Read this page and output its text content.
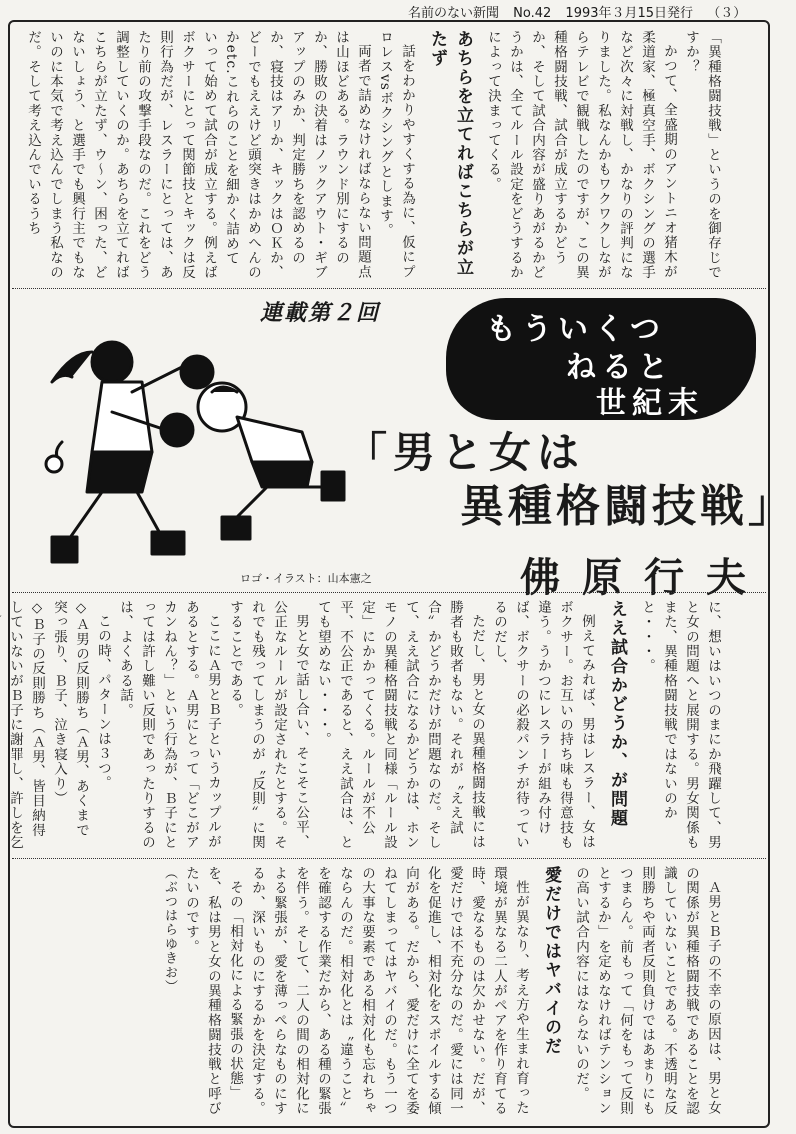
名前のない新聞 No.42 1993年３月15日発行 （３）

「異種格闘技戦」というのを御存じですか？

かつて、全盛期のアントニオ猪木が柔道家、極真空手、ボクシングの選手など次々に対戦し、かなりの評判になりました。私なんかもワクワクしながらテレビで観戦したのですが、この異種格闘技戦、試合が成立するかどうか、そして試合内容が盛りあがるかどうかは、全てルール設定をどうするかによって決まってくる。

あちらを立てればこちらが立たず

話をわかりやすくする為に、仮にプロレスvsボクシングとします。

両者で詰めなければならない問題点は山ほどある。ラウンド別にするのか、勝敗の決着はノックアウト・ギブアップのみか、判定勝ちを認めるのか、寝技はアリか、キックはＯＫか、どーでもええけど頭突きはかめへんのかetc.これらのことを細かく詰めていって始めて試合が成立する。例えばボクサーにとって関節技とキックは反則行為だが、レスラーにとっては、あたり前の攻撃手段なのだ。これをどう調整していくのか。あちらを立てればこちらが立たず、ウ〜ン、困った、どないしょう、と選手でも興行主でもないのに本気で考え込んでしまう私なのだ。そして考え込んでいるうち

連載第２回	もういくつ
ねると
世紀末
「男と女は
異種格闘技戦」
佛原行夫
ロゴ・イラスト：山本憲之

に、想いはいつのまにか飛躍して、男と女の問題へと展開する。男女関係もまた、異種格闘技戦ではないのかと・・・。

ええ試合かどうか、が問題

例えてみれば、男はレスラー、女はボクサー。お互いの持ち味も得意技も違う。うかつにレスラーが組み付けば、ボクサーの必殺パンチが待っているのだし、

ただし、男と女の異種格闘技戦には勝者も敗者もない。それが〝ええ試合〟かどうかだけが問題なのだ。そして、ええ試合になるかどうかは、ホンモノの異種格闘技戦と同様「ルール設定」にかかってくる。ルールが不公平、不公正であると、ええ試合は、とても望めない・・・。

男と女で話し合い、そこそこ公平、公正なルールが設定されたとする。それでも残ってしまうのが〝反則〟に関することである。

ここにＡ男とＢ子というカップルがあるとする。Ａ男にとって「どこがアカンねん？」という行為が、Ｂ子にとっては許し難い反則であったりするのは、よくある話。

この時、パターンは３つ。

◇Ａ男の反則勝ち（Ａ男、あくまで突っ張り、Ｂ子、泣き寝入り）

◇Ｂ子の反則勝ち（Ａ男、皆目納得していないがＢ子に謝罪し、許しを乞

Ａ男とＢ子の不幸の原因は、男と女の関係が異種格闘技戦であることを認識していないことである。不透明な反則勝ちや両者反則負けではあまりにもつまらん。前もって「何をもって反則とするか」を定めなければテンションの高い試合内容にはならないのだ。

愛だけではヤバイのだ

性が異なり、考え方や生まれ育った環境が異なる二人がペアを作り育てる時、愛なるものは欠かせない。だが、愛だけでは不充分なのだ。愛には同一化を促進し、相対化をスポイルする傾向がある。だから、愛だけに全てを委ねてしまってはヤバイのだ。もう一つの大事な要素である相対化も忘れちゃならんのだ。相対化とは〝違うこと〟を確認する作業だから、ある種の緊張を伴う。そして、二人の間の相対化による緊張が、愛を薄っぺらなものにするか、深いものにするかを決定する。

その「相対化による緊張の状態」を、私は男と女の異種格闘技戦と呼びたいのです。

（ぶつはらゆきお）
